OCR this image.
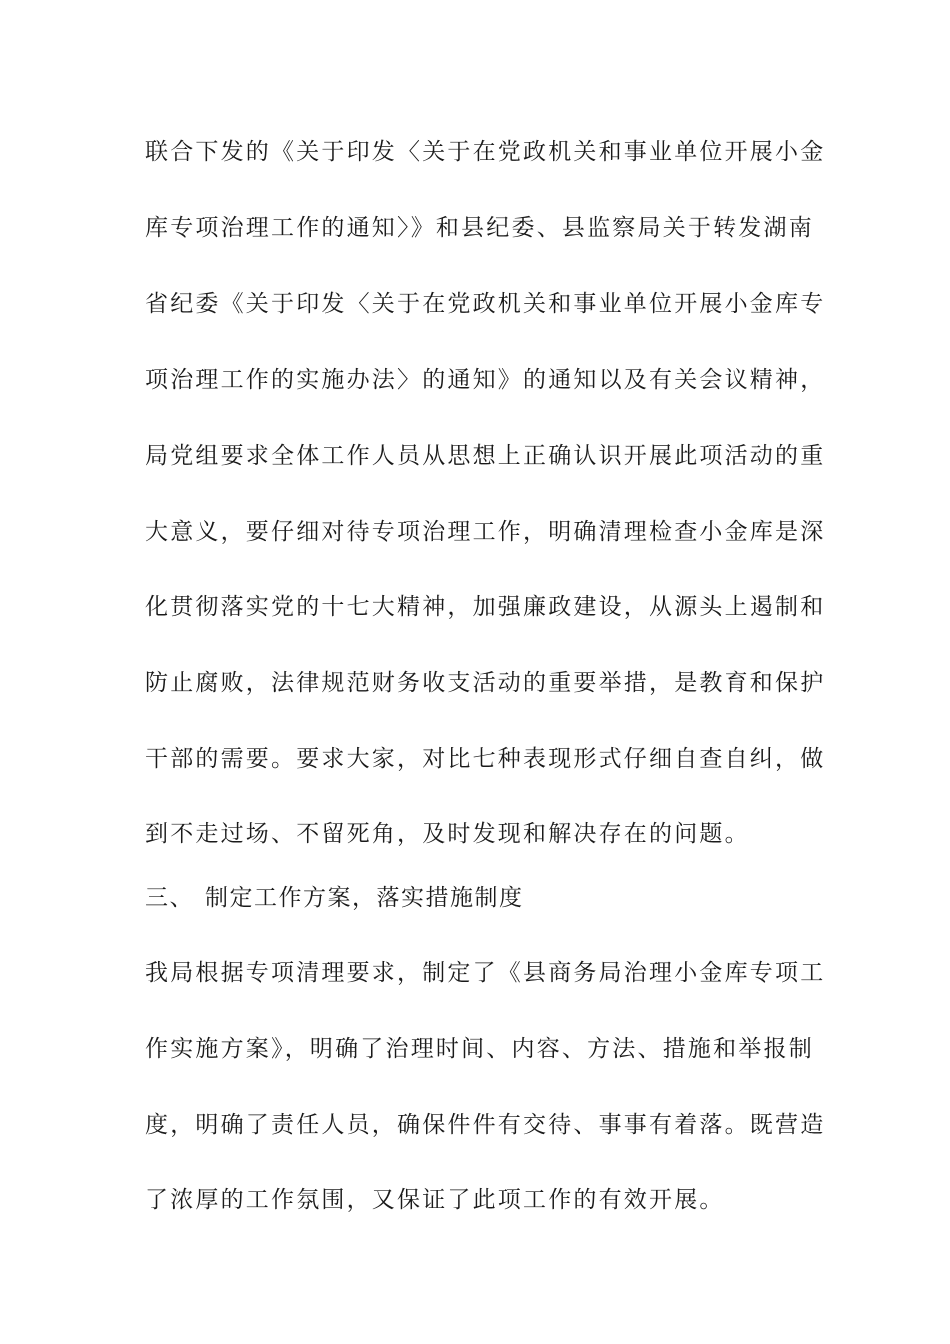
联合下发的《关于印发〈关于在党政机关和事业单位开展小金
库专项治理工作的通知〉》和县纪委、县监察局关于转发湖南
省纪委《关于印发〈关于在党政机关和事业单位开展小金库专
项治理工作的实施办法〉的通知》的通知以及有关会议精神，
局党组要求全体工作人员从思想上正确认识开展此项活动的重
大意义，要仔细对待专项治理工作，明确清理检查小金库是深
化贯彻落实党的十七大精神，加强廉政建设，从源头上遏制和
防止腐败，法律规范财务收支活动的重要举措，是教育和保护
干部的需要。要求大家，对比七种表现形式仔细自查自纠，做
到不走过场、不留死角，及时发现和解决存在的问题。
三、 制定工作方案，落实措施制度
我局根据专项清理要求，制定了《县商务局治理小金库专项工
作实施方案》，明确了治理时间、内容、方法、措施和举报制
度，明确了责任人员，确保件件有交待、事事有着落。既营造
了浓厚的工作氛围，又保证了此项工作的有效开展。
